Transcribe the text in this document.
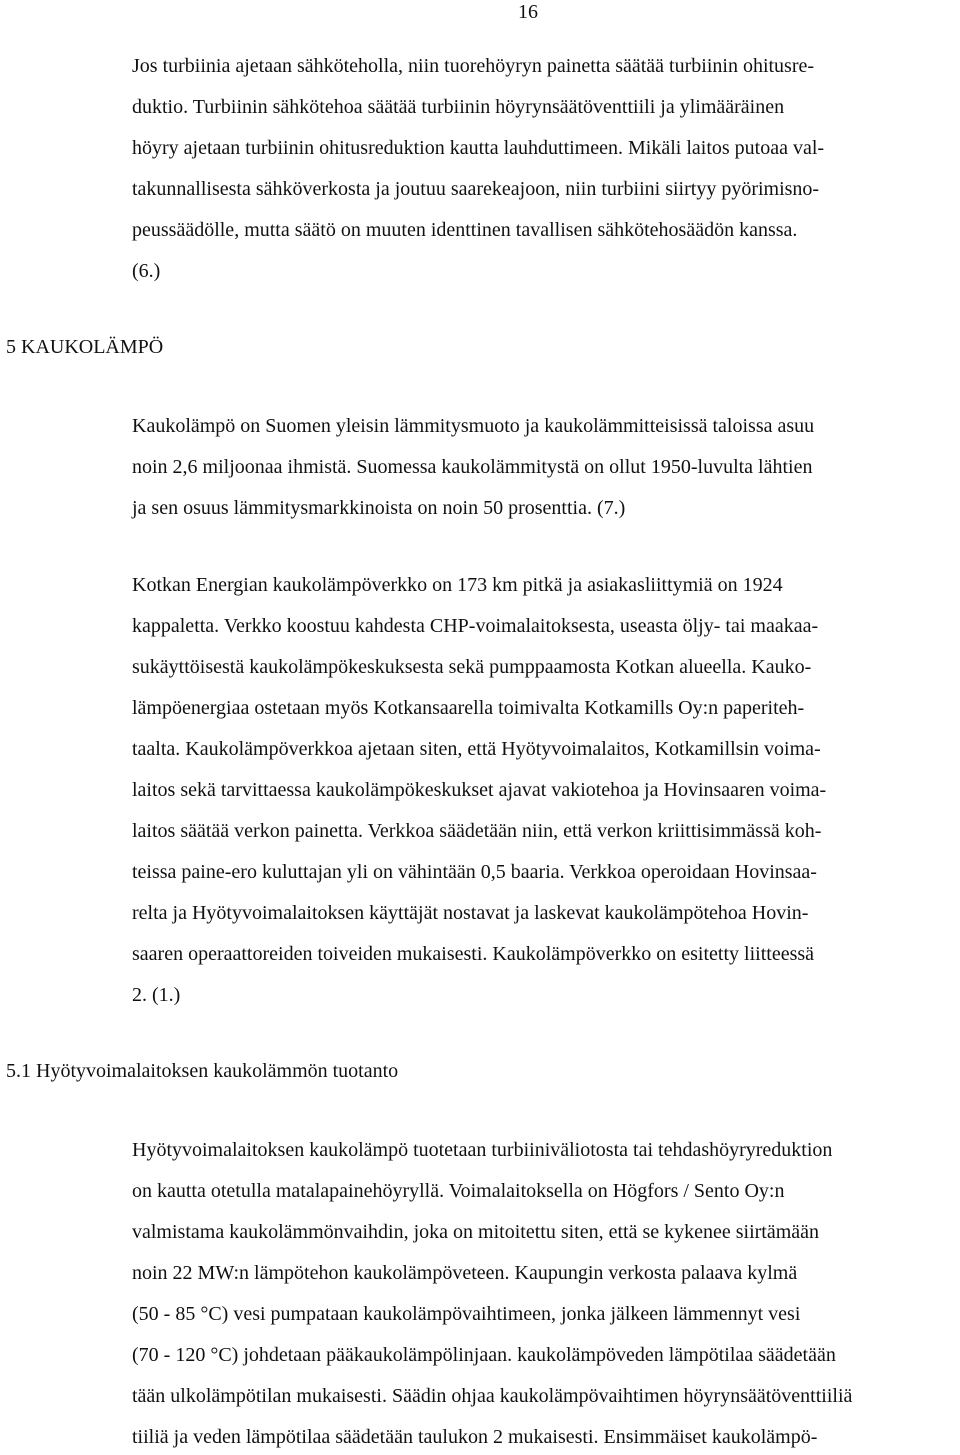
16
Jos turbiinia ajetaan sähköteholla, niin tuorehöyryn painetta säätää turbiinin ohitusre-
duktio. Turbiinin sähkötehoa säätää turbiinin höyrynsäätöventtiili ja ylimääräinen
höyry ajetaan turbiinin ohitusreduktion kautta lauhduttimeen. Mikäli laitos putoaa val-
takunnallisesta sähköverkosta ja joutuu saarekeajoon, niin turbiini siirtyy pyörimisno-
peussäädölle, mutta säätö on muuten identtinen tavallisen sähkötehosäädön kanssa.
(6.)
5 KAUKOLÄMPÖ
Kaukolämpö on Suomen yleisin lämmitysmuoto ja kaukolämmitteisissä taloissa asuu
noin 2,6 miljoonaa ihmistä. Suomessa kaukolämmitystä on ollut 1950-luvulta lähtien
ja sen osuus lämmitysmarkkinoista on noin 50 prosenttia. (7.)
Kotkan Energian kaukolämpöverkko on 173 km pitkä ja asiakasliittymiä on 1924
kappaletta. Verkko koostuu kahdesta CHP-voimalaitoksesta, useasta öljy- tai maakaa-
sukäyttöisestä kaukolämpökeskuksesta sekä pumppaamosta Kotkan alueella. Kauko-
lämpöenergiaa ostetaan myös Kotkansaarella toimivalta Kotkamills Oy:n paperiteh-
taalta. Kaukolämpöverkkoa ajetaan siten, että Hyötyvoimalaitos, Kotkamillsin voima-
laitos sekä tarvittaessa kaukolämpökeskukset ajavat vakiotehoa ja Hovinsaaren voima-
laitos säätää verkon painetta. Verkkoa säädetään niin, että verkon kriittisimmässä koh-
teissa paine-ero kuluttajan yli on vähintään 0,5 baaria. Verkkoa operoidaan Hovinsaa-
relta ja Hyötyvoimalaitoksen käyttäjät nostavat ja laskevat kaukolämpötehoa Hovin-
saaren operaattoreiden toiveiden mukaisesti. Kaukolämpöverkko on esitetty liitteessä
2. (1.)
5.1 Hyötyvoimalaitoksen kaukolämmön tuotanto
Hyötyvoimalaitoksen kaukolämpö tuotetaan turbiiniväliotosta tai tehdashöyryreduktion
on kautta otetulla matalapainehöyryllä. Voimalaitoksella on Högfors / Sento Oy:n
valmistama kaukolämmönvaihdin, joka on mitoitettu siten, että se kykenee siirtämään
noin 22 MW:n lämpötehon kaukolämpöveteen. Kaupungin verkosta palaava kylmä
(50 - 85 °C) vesi pumpataan kaukolämpövaihtimeen, jonka jälkeen lämmennyt vesi
(70 - 120 °C) johdetaan pääkaukolämpölinjaan. kaukolämpöveden lämpötilaa säädetään
tään ulkolämpötilan mukaisesti. Säädin ohjaa kaukolämpövaihtimen höyrynsäätöventtiiliä
tiiliä ja veden lämpötilaa säädetään taulukon 2 mukaisesti. Ensimmäiset kaukolämpö-
